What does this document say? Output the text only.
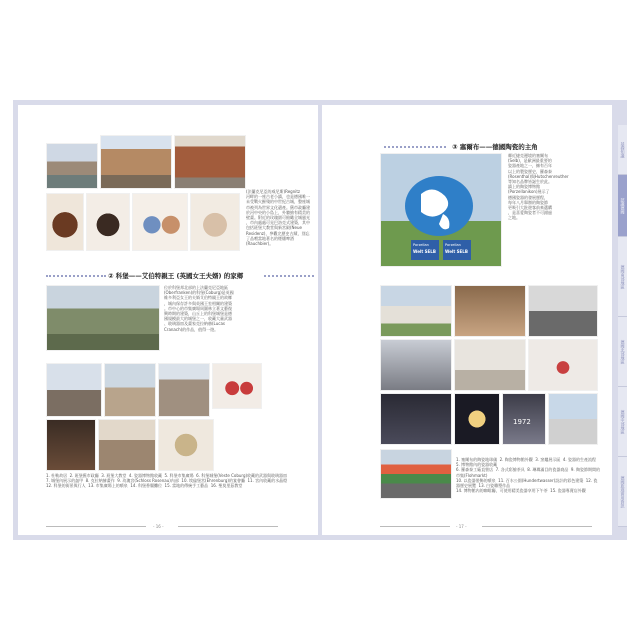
(法蘭克尼亞的威尼斯)Regnitz
河畔的一座古老小鎮，也是德國唯一
未受戰火摧殘的中世紀古城，整座城
市被列為世界文化遺產。舊市政廳建
於河中央的小島上，外牆繪有精美的
壁畫。附近的玫瑰園可俯瞰全城風光
，市內處處可見巴洛克式建築，其中
包括班堡大教堂與新宮殿(Neue
Residenz)，參觀完歷史古蹟，別忘
了品嚐當地著名的煙燻啤酒
(Rauchbier)。
② 科堡——艾伯特親王 (英國女王夫婿) 的家鄉
位於科堡邦北部的上法蘭克尼亞地區
(Oberfranken)的科堡(Coburg)是英國
維多利亞女王的夫婿艾伯特親王的故鄉
，城內保存許多與英國王室相關的建築
。市中心的市集廣場周圍林立著文藝復
興時期的建築，山丘上的科堡城堡是德
國規模最大的城堡之一，收藏大量武器
、玻璃器皿及畫家克拉納赫(Lucas
Cranach)的作品，值得一遊。
1. 杜勒故居  2. 班堡舊市政廳  3. 班堡大教堂  4. 瓷器博物館收藏  5. 科堡市集廣場  6. 科堡城堡(Veste Coburg)收藏的武器與玻璃器皿
7. 城堡內展示的盔甲  8. 克拉納赫畫作  9. 玫瑰宮(Schloss Rosenau)內部  10. 埃倫堡宮(Ehrenburg)的宴會廳  11. 宮內收藏的水晶燈
12. 科堡的街景與行人  13. 市集廣場上的噴泉  14. 科堡香腸攤位  15. 當地的傳統手工藝品  16. 聖莫里茲教堂
- 16 -
③ 塞爾布——德國陶瓷⁠的⁠主⁠角
Porzellan
Welt SELB
Porzellan
Welt SELB
鄰近捷克邊境的塞爾布
(Selb)，是歐洲最重要的
瓷器產地之一，擁有百年
以上的製瓷歷史，羅森泰
(Rosenthal)與Hutschenreuther
等知名品牌皆誕生於此。
鎮上的陶瓷博物館
(Porzellanikon)展示了
德國瓷器的發展歷程，
每年八月舉辦的陶瓷節
更吸引大批遊客前來選購
，是喜愛陶瓷者不可錯過
之地。
1972
1. 塞爾布的陶瓷地球儀  2. 陶瓷博物館外觀  3. 窯爐展示區  4. 瓷器的生產流程  5. 博物館內的瓷器收藏
6. 羅森泰工廠直營店  7. 各式彩繪茶具  8. 琳瑯滿目的瓷器商品  9. 陶瓷節期間的市集(Flohmarkt)
10. 以瓷器裝飾的噴泉  11. 百水公園(Hundertwasser)設計的彩色建築  12. 瓷器歷史展覽  13. 白瓷雕塑作品
14. 博物館內的咖啡廳，可使用精美瓷器享用下午茶  15. 瓷器專賣店外觀
- 17 -
基礎知識
認識德國
德國南部地區
德國北部地區
德國中部地區
德國旅遊實用資訊
